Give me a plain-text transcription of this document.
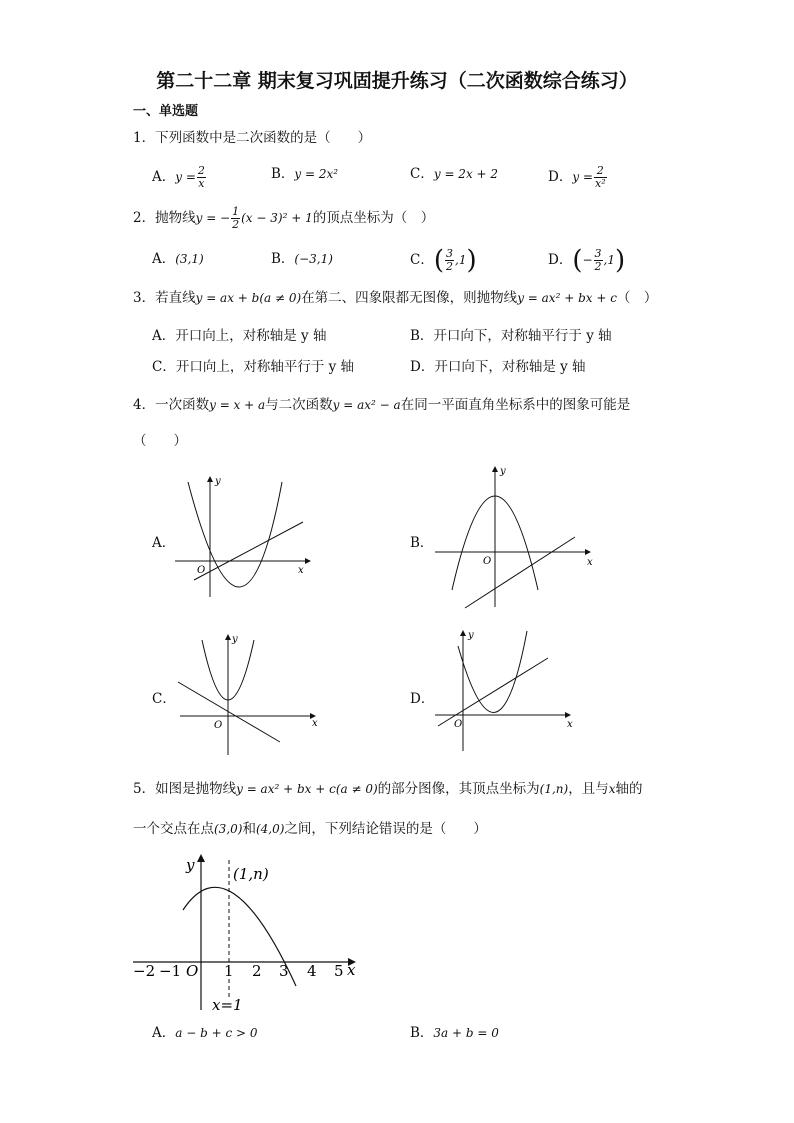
第二十二章 期末复习巩固提升练习（二次函数综合练习）
一、单选题
1．下列函数中是二次函数的是（　　）
A．$y = \frac{2}{x}$	B．y = 2x²	C．y = 2x + 2	D．$y = \frac{2}{\text{x²}}$
2．抛物线y = − $\frac{1}{2} (x - 3)^2 + 1$的顶点坐标为（　）
A．(3,1)	B．(−3,1)	C．( $\frac{3}{2} ,1$)	D．(− $\frac{3}{2} ,1$)
3．若直线y = ax + b(a ≠ 0)在第二、四象限都无图像，则抛物线y = ax² + bx + c（　）
A．开口向上，对称轴是 y 轴	B．开口向下，对称轴平行于 y 轴
C．开口向上，对称轴平行于 y 轴	D．开口向下，对称轴是 y 轴
4．一次函数y = x + a与二次函数y = ax² − a在同一平面直角坐标系中的图象可能是
（　　）
A．	B．
C．	D．
y
x
O
y
x
O
y
x
O
y
x
O
5．如图是抛物线y = ax² + bx + c(a ≠ 0)的部分图像，其顶点坐标为(1,n)，且与x轴的
一个交点在点(3,0)和(4,0)之间，下列结论错误的是（　　）
y
x
O
−2 −1	1 2 3 4 5
(1,n)
x=1
A．a − b + c > 0	B．3a + b = 0
